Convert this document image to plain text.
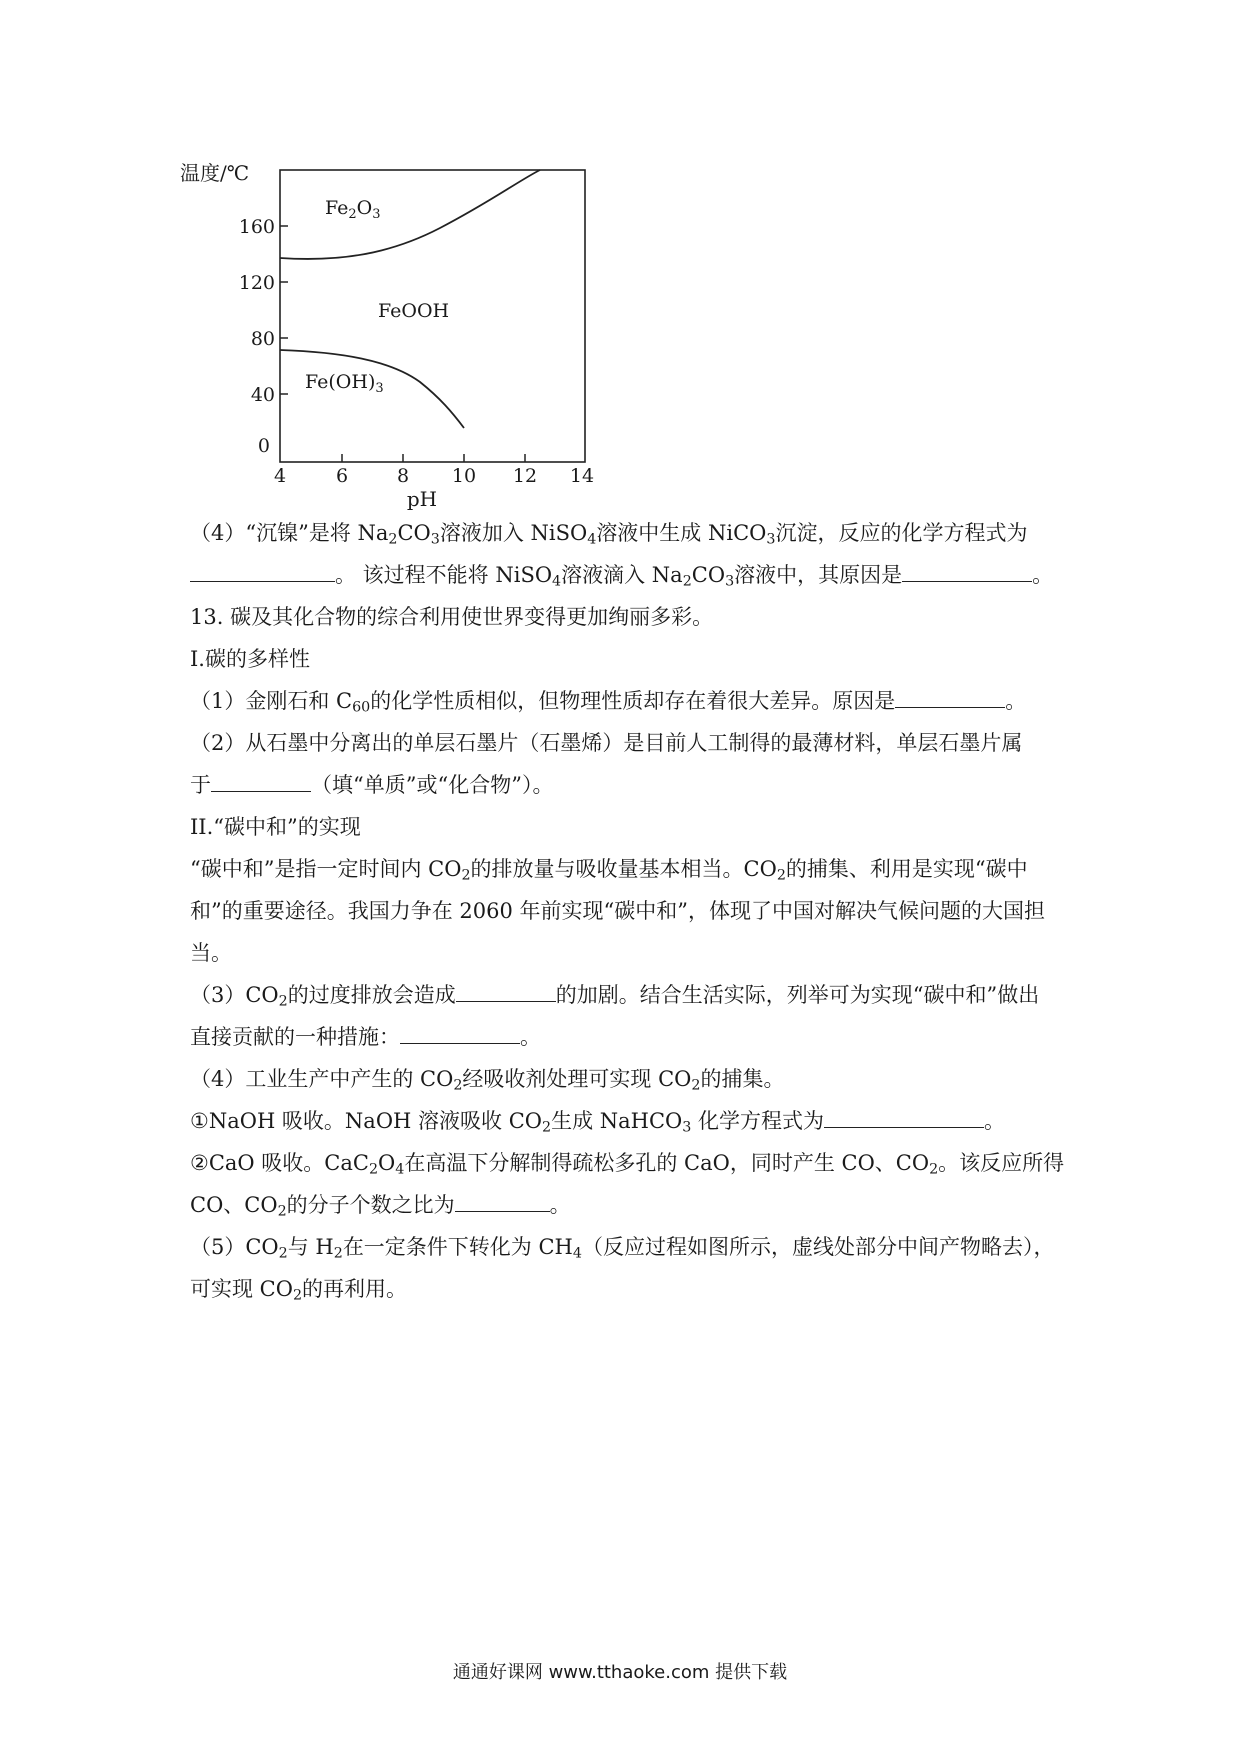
温度/℃
160
120
80
40
0
4	6	8 10 12 14
pH
$Fe_2O_3$
FeOOH
$Fe(OH)_3$
（4）“沉镍”是将 $Na_2CO_3$溶液加入 NiSO$_4$溶液中生成 NiCO$_3$沉淀，反应的化学方程式为
。 该过程不能将 NiSO$_4$溶液滴入 $Na_2CO_3$溶液中，其原因是	。
13. 碳及其化合物的综合利用使世界变得更加绚丽多彩。
I.碳的多样性
（1）金刚石和 $C_{60}$的化学性质相似，但物理性质却存在着很大差异。原因是	。
（2）从石墨中分离出的单层石墨片（石墨烯）是目前人工制得的最薄材料，单层石墨片属
于	（填“单质”或“化合物”）。
II.“碳中和”的实现
“碳中和”是指一定时间内 $CO_2$的排放量与吸收量基本相当。$CO_2$的捕集、利用是实现“碳中
和”的重要途径。我国力争在 2060 年前实现“碳中和”，体现了中国对解决气候问题的大国担
当。
$(3)CO_2$的过度排放会造成	的加剧。结合生活实际，列举可为实现“碳中和”做出
直接贡献的一种措施：	。
（4）工业生产中产生的 $CO_2$经吸收剂处理可实现 $CO_2$的捕集。
①NaOH 吸收。NaOH 溶液吸收 $CO_2$生成 NaHCO$_3$ 化学方程式为	。
②CaO 吸收。$CaC_2O_4$在高温下分解制得疏松多孔的 CaO，同时产生 CO、$CO_2$。该反应所得
CO、$CO_2$的分子个数之比为	。
$(5)CO_2$与 $H_2$在一定条件下转化为 $CH_4$（反应过程如图所示，虚线处部分中间产物略去），
可实现 $CO_2$的再利用。
通通好课网 www.tthaoke.com 提供下载
